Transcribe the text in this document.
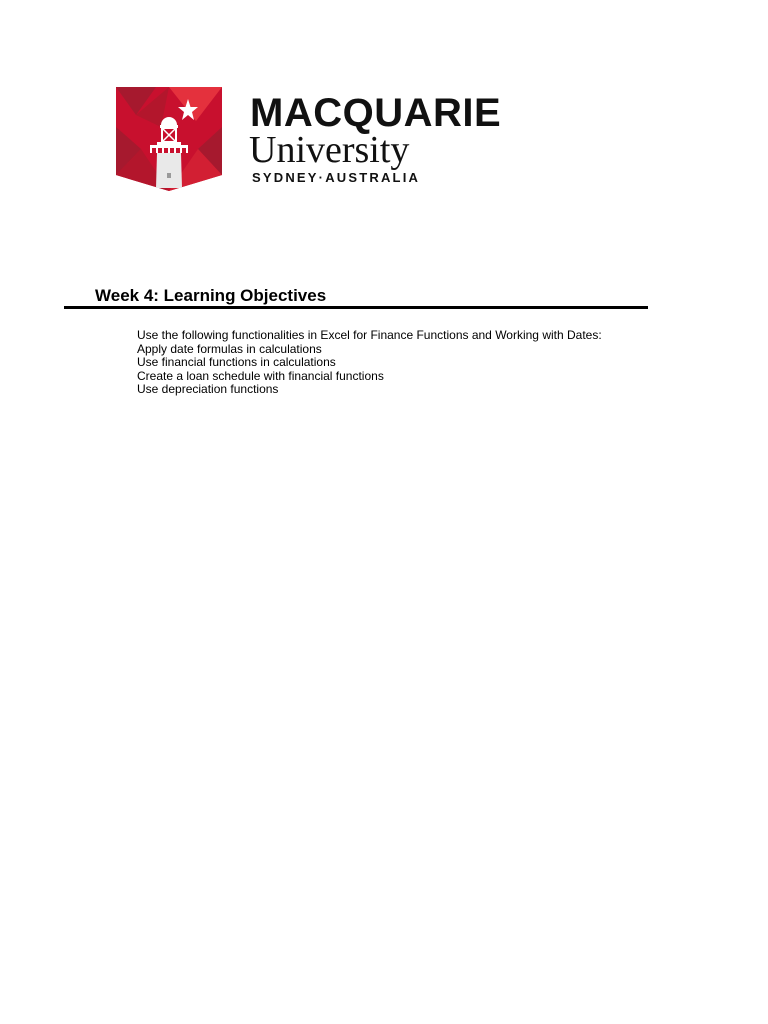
MACQUARIE
University
SYDNEY·AUSTRALIA
Week 4: Learning Objectives
Use the following functionalities in Excel for Finance Functions and Working with Dates:
Apply date formulas in calculations
Use financial functions in calculations
Create a loan schedule with financial functions
Use depreciation functions
